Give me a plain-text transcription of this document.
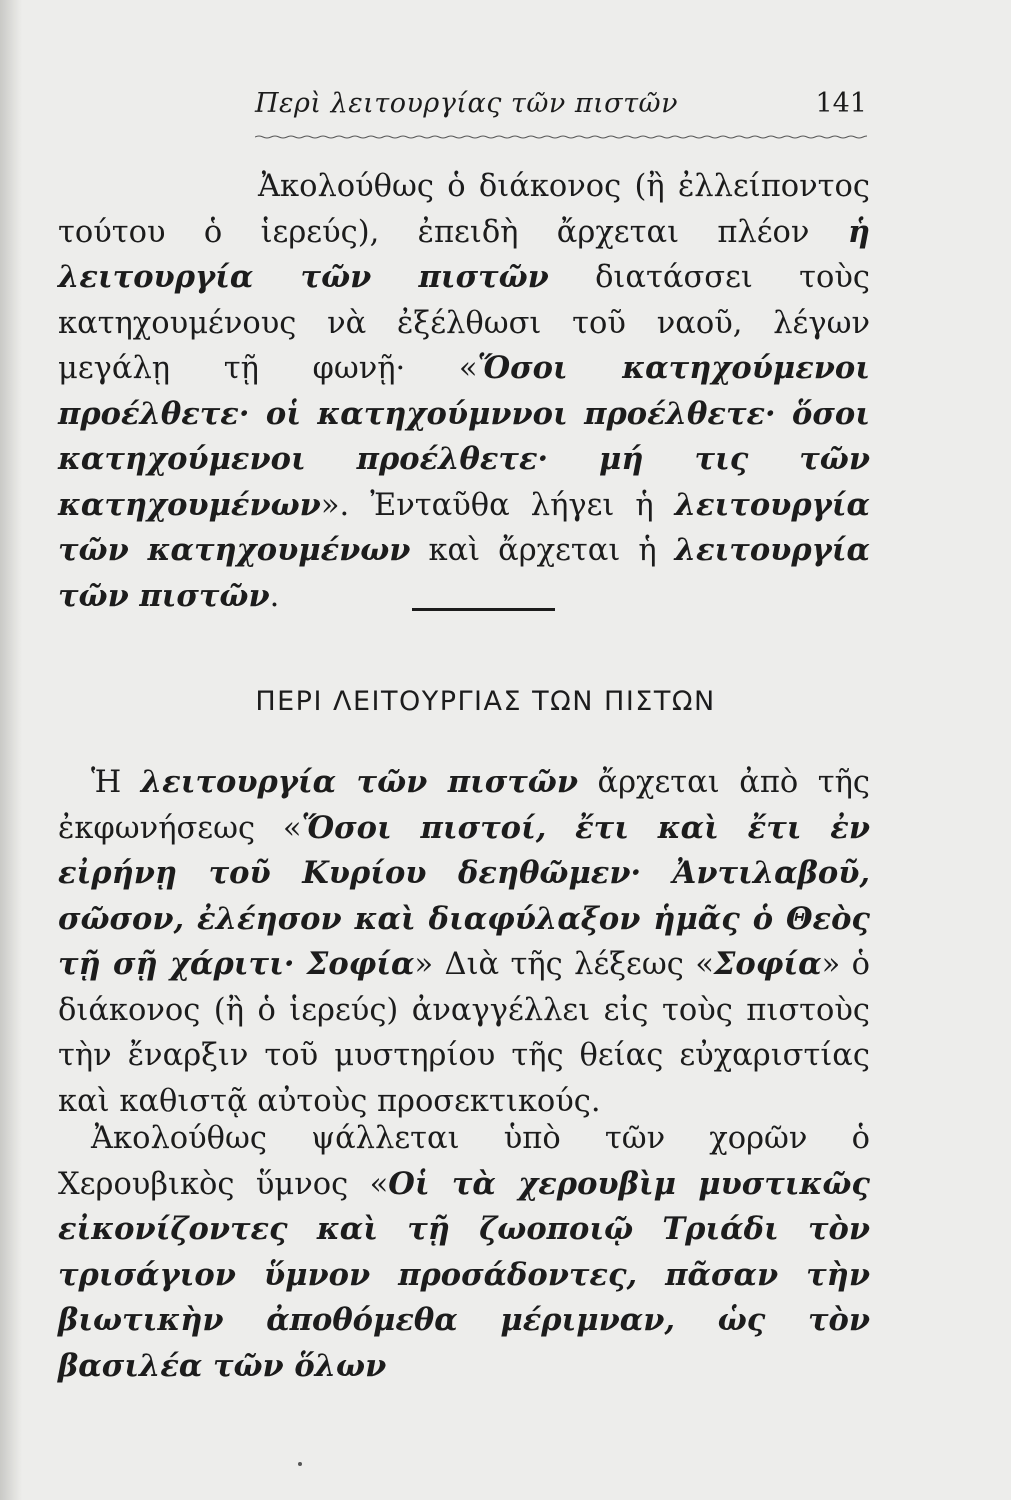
Περὶ λειτουργίας τῶν πιστῶν	141

Ἀκολούθως ὁ διάκονος (ἢ ἐλλείποντος τούτου ὁ ἱερεύς), ἐπειδὴ ἄρχεται πλέον ἡ λειτουργία τῶν πιστῶν διατάσσει τοὺς κατηχουμένους νὰ ἐξέλθωσι τοῦ ναοῦ, λέγων μεγάλῃ τῇ φωνῇ· «Ὅσοι κατηχούμενοι προέλθετε· οἱ κατηχούμννοι προέλθετε· ὅσοι κατηχούμενοι προέλθετε· μή τις τῶν κατηχουμένων». Ἐνταῦθα λήγει ἡ λειτουργία τῶν κατηχουμένων καὶ ἄρχεται ἡ λειτουργία τῶν πιστῶν.

ΠΕΡΙ ΛΕΙΤΟΥΡΓΙΑΣ ΤΩΝ ΠΙΣΤΩΝ

Ἡ λειτουργία τῶν πιστῶν ἄρχεται ἀπὸ τῆς ἐκφωνήσεως «Ὅσοι πιστοί, ἔτι καὶ ἔτι ἐν εἰρήνῃ τοῦ Κυρίου δεηθῶμεν· Ἀντιλαβοῦ, σῶσον, ἐλέησον καὶ διαφύλαξον ἡμᾶς ὁ Θεὸς τῇ σῇ χάριτι· Σοφία» Διὰ τῆς λέξεως «Σοφία» ὁ διάκονος (ἢ ὁ ἱερεύς) ἀναγγέλλει εἰς τοὺς πιστοὺς τὴν ἔναρξιν τοῦ μυστηρίου τῆς θείας εὐχαριστίας καὶ καθιστᾷ αὐτοὺς προσεκτικούς.

Ἀκολούθως ψάλλεται ὑπὸ τῶν χορῶν ὁ Χερουβικὸς ὕμνος «Οἱ τὰ χερουβὶμ μυστικῶς εἰκονίζοντες καὶ τῇ ζωοποιῷ Τριάδι τὸν τρισάγιον ὕμνον προσάδοντες, πᾶσαν τὴν βιωτικὴν ἀποθόμεθα μέριμναν, ὡς τὸν βασιλέα τῶν ὅλων
